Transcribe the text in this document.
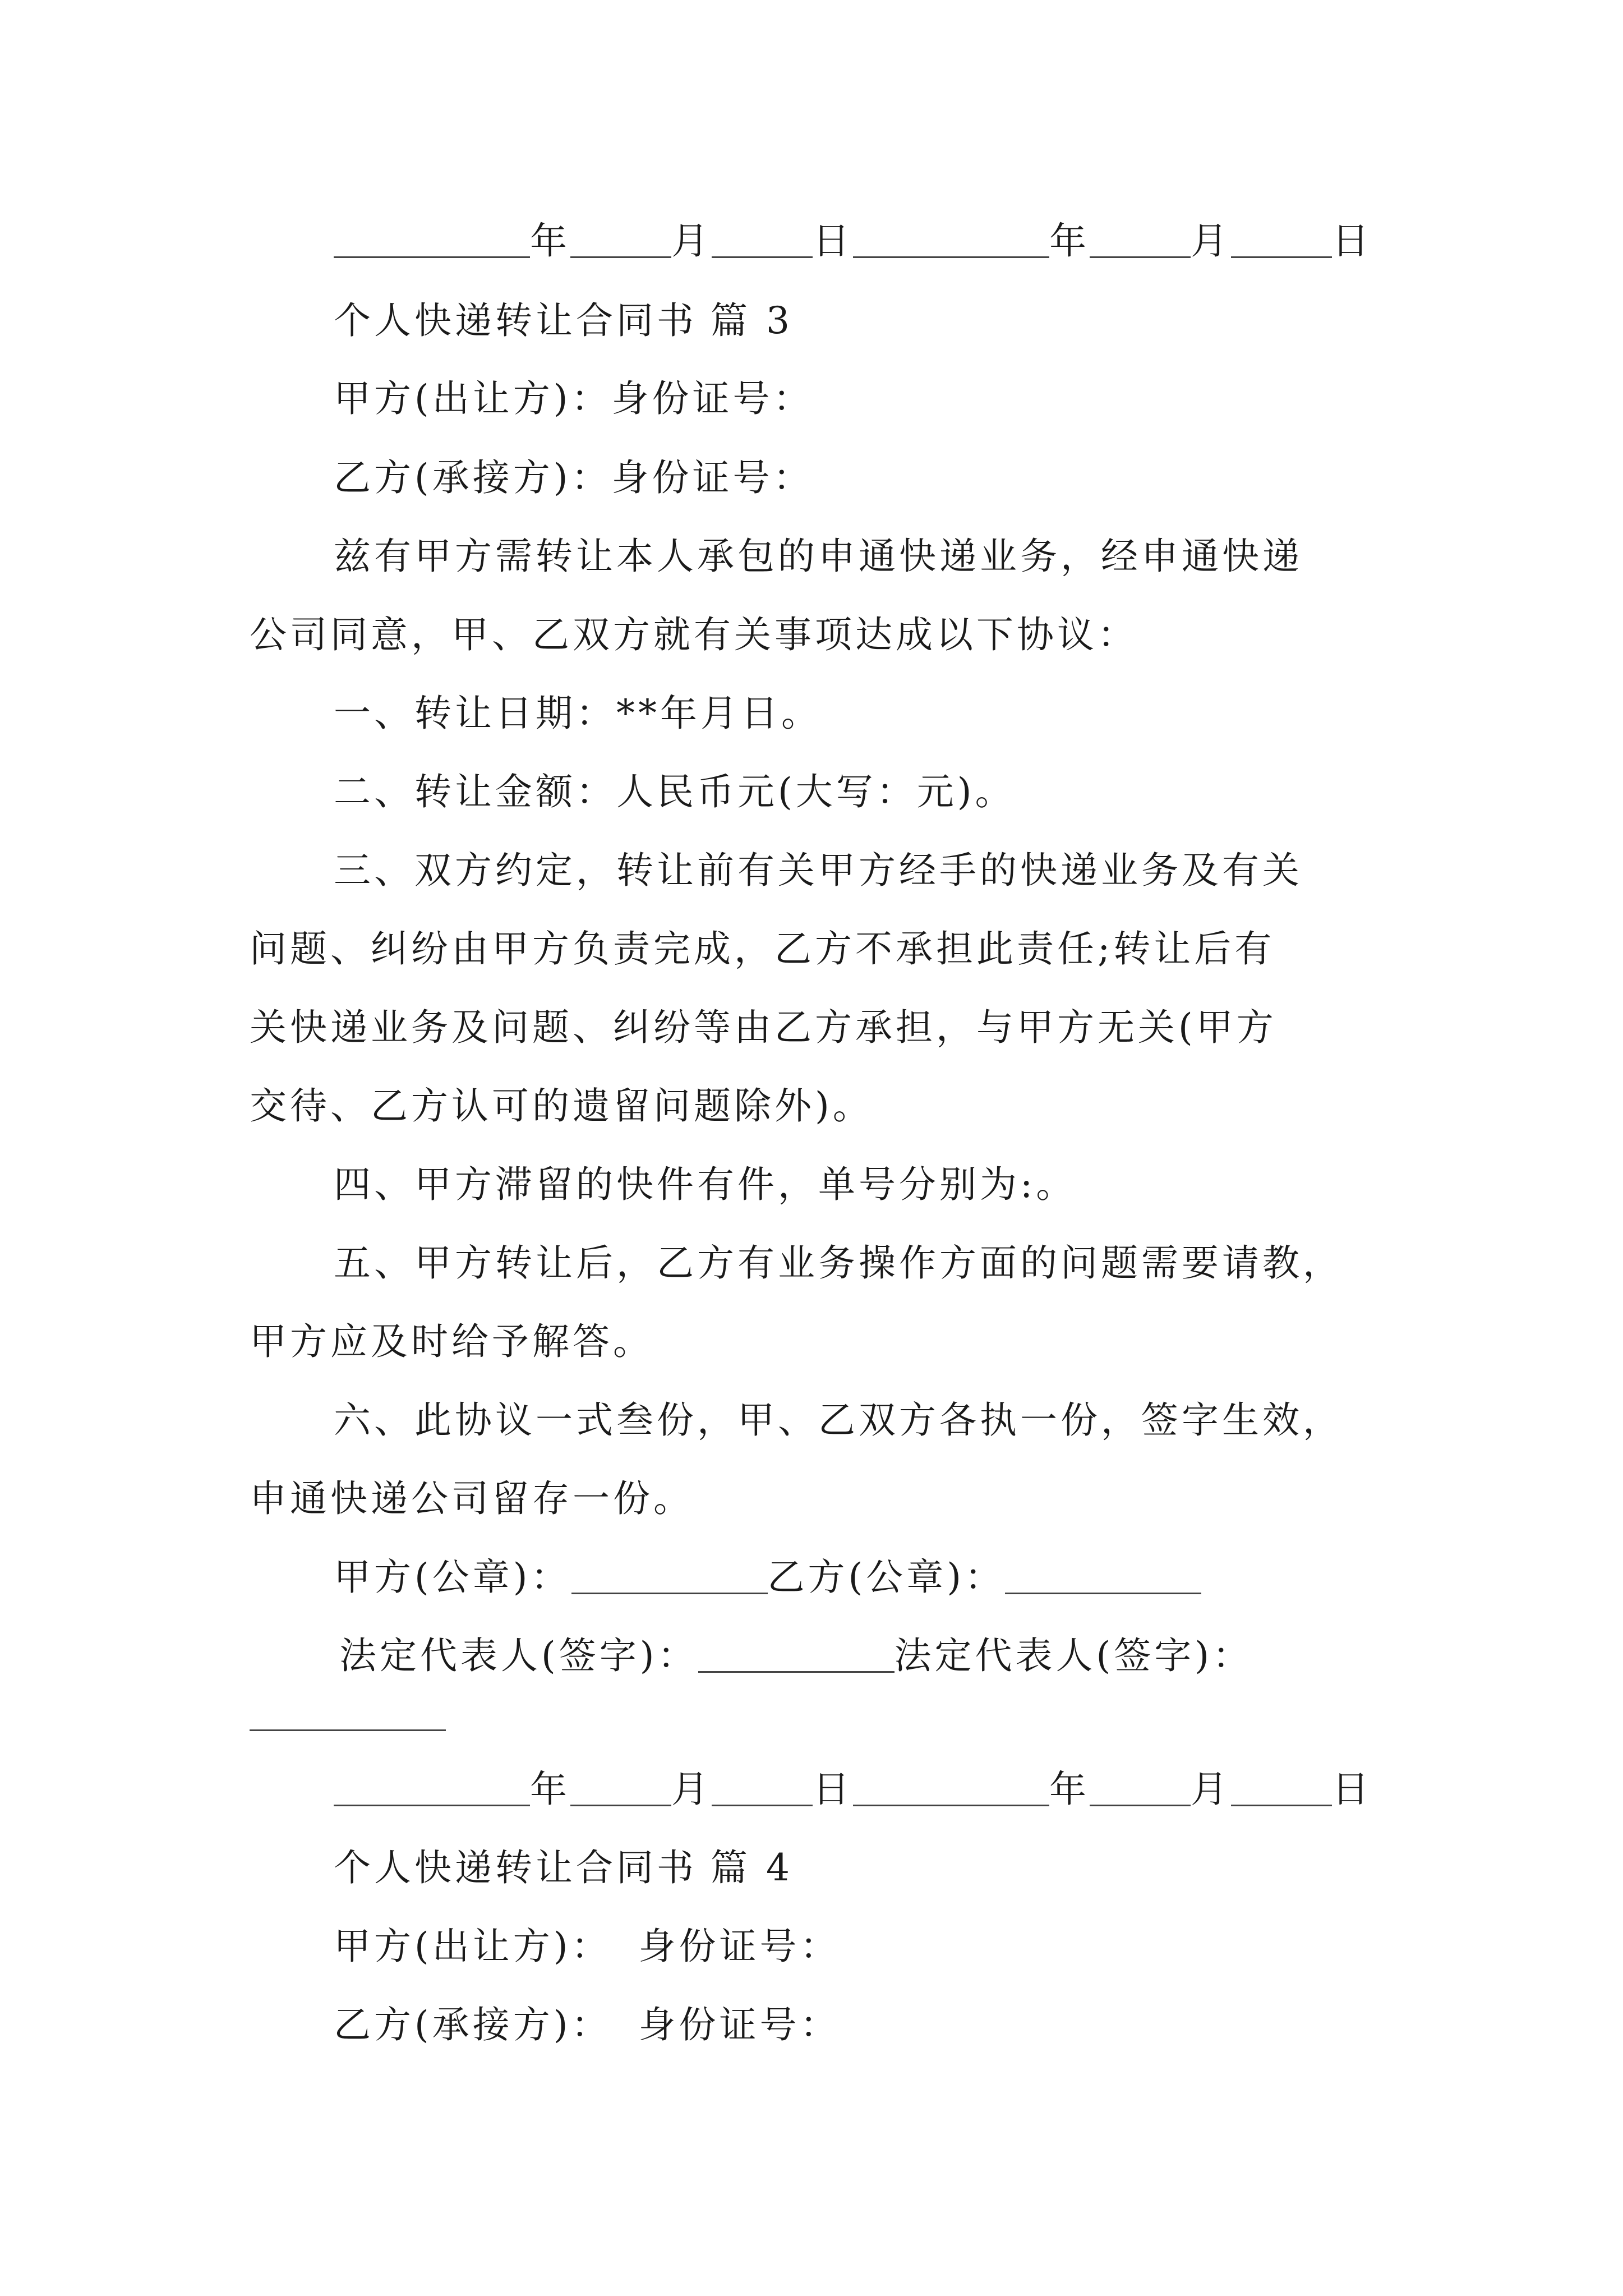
年	月	日	年	月	日
个人快递转让合同书 篇 3
甲方(出让方)：身份证号：
乙方(承接方)：身份证号：
兹有甲方需转让本人承包的申通快递业务，经申通快递
公司同意，甲、乙双方就有关事项达成以下协议：
一、转让日期：**年月日。
二、转让金额：人民币元(大写：元)。
三、双方约定，转让前有关甲方经手的快递业务及有关
问题、纠纷由甲方负责完成，乙方不承担此责任;转让后有
关快递业务及问题、纠纷等由乙方承担，与甲方无关(甲方
交待、乙方认可的遗留问题除外)。
四、甲方滞留的快件有件，单号分别为:。
五、甲方转让后，乙方有业务操作方面的问题需要请教，
甲方应及时给予解答。
六、此协议一式叁份，甲、乙双方各执一份，签字生效，
申通快递公司留存一份。
甲方(公章)：	乙方(公章)：
法定代表人(签字)：	法定代表人(签字)：
年	月	日	年	月	日
个人快递转让合同书 篇 4
甲方(出让方)： 身份证号：
乙方(承接方)： 身份证号：
